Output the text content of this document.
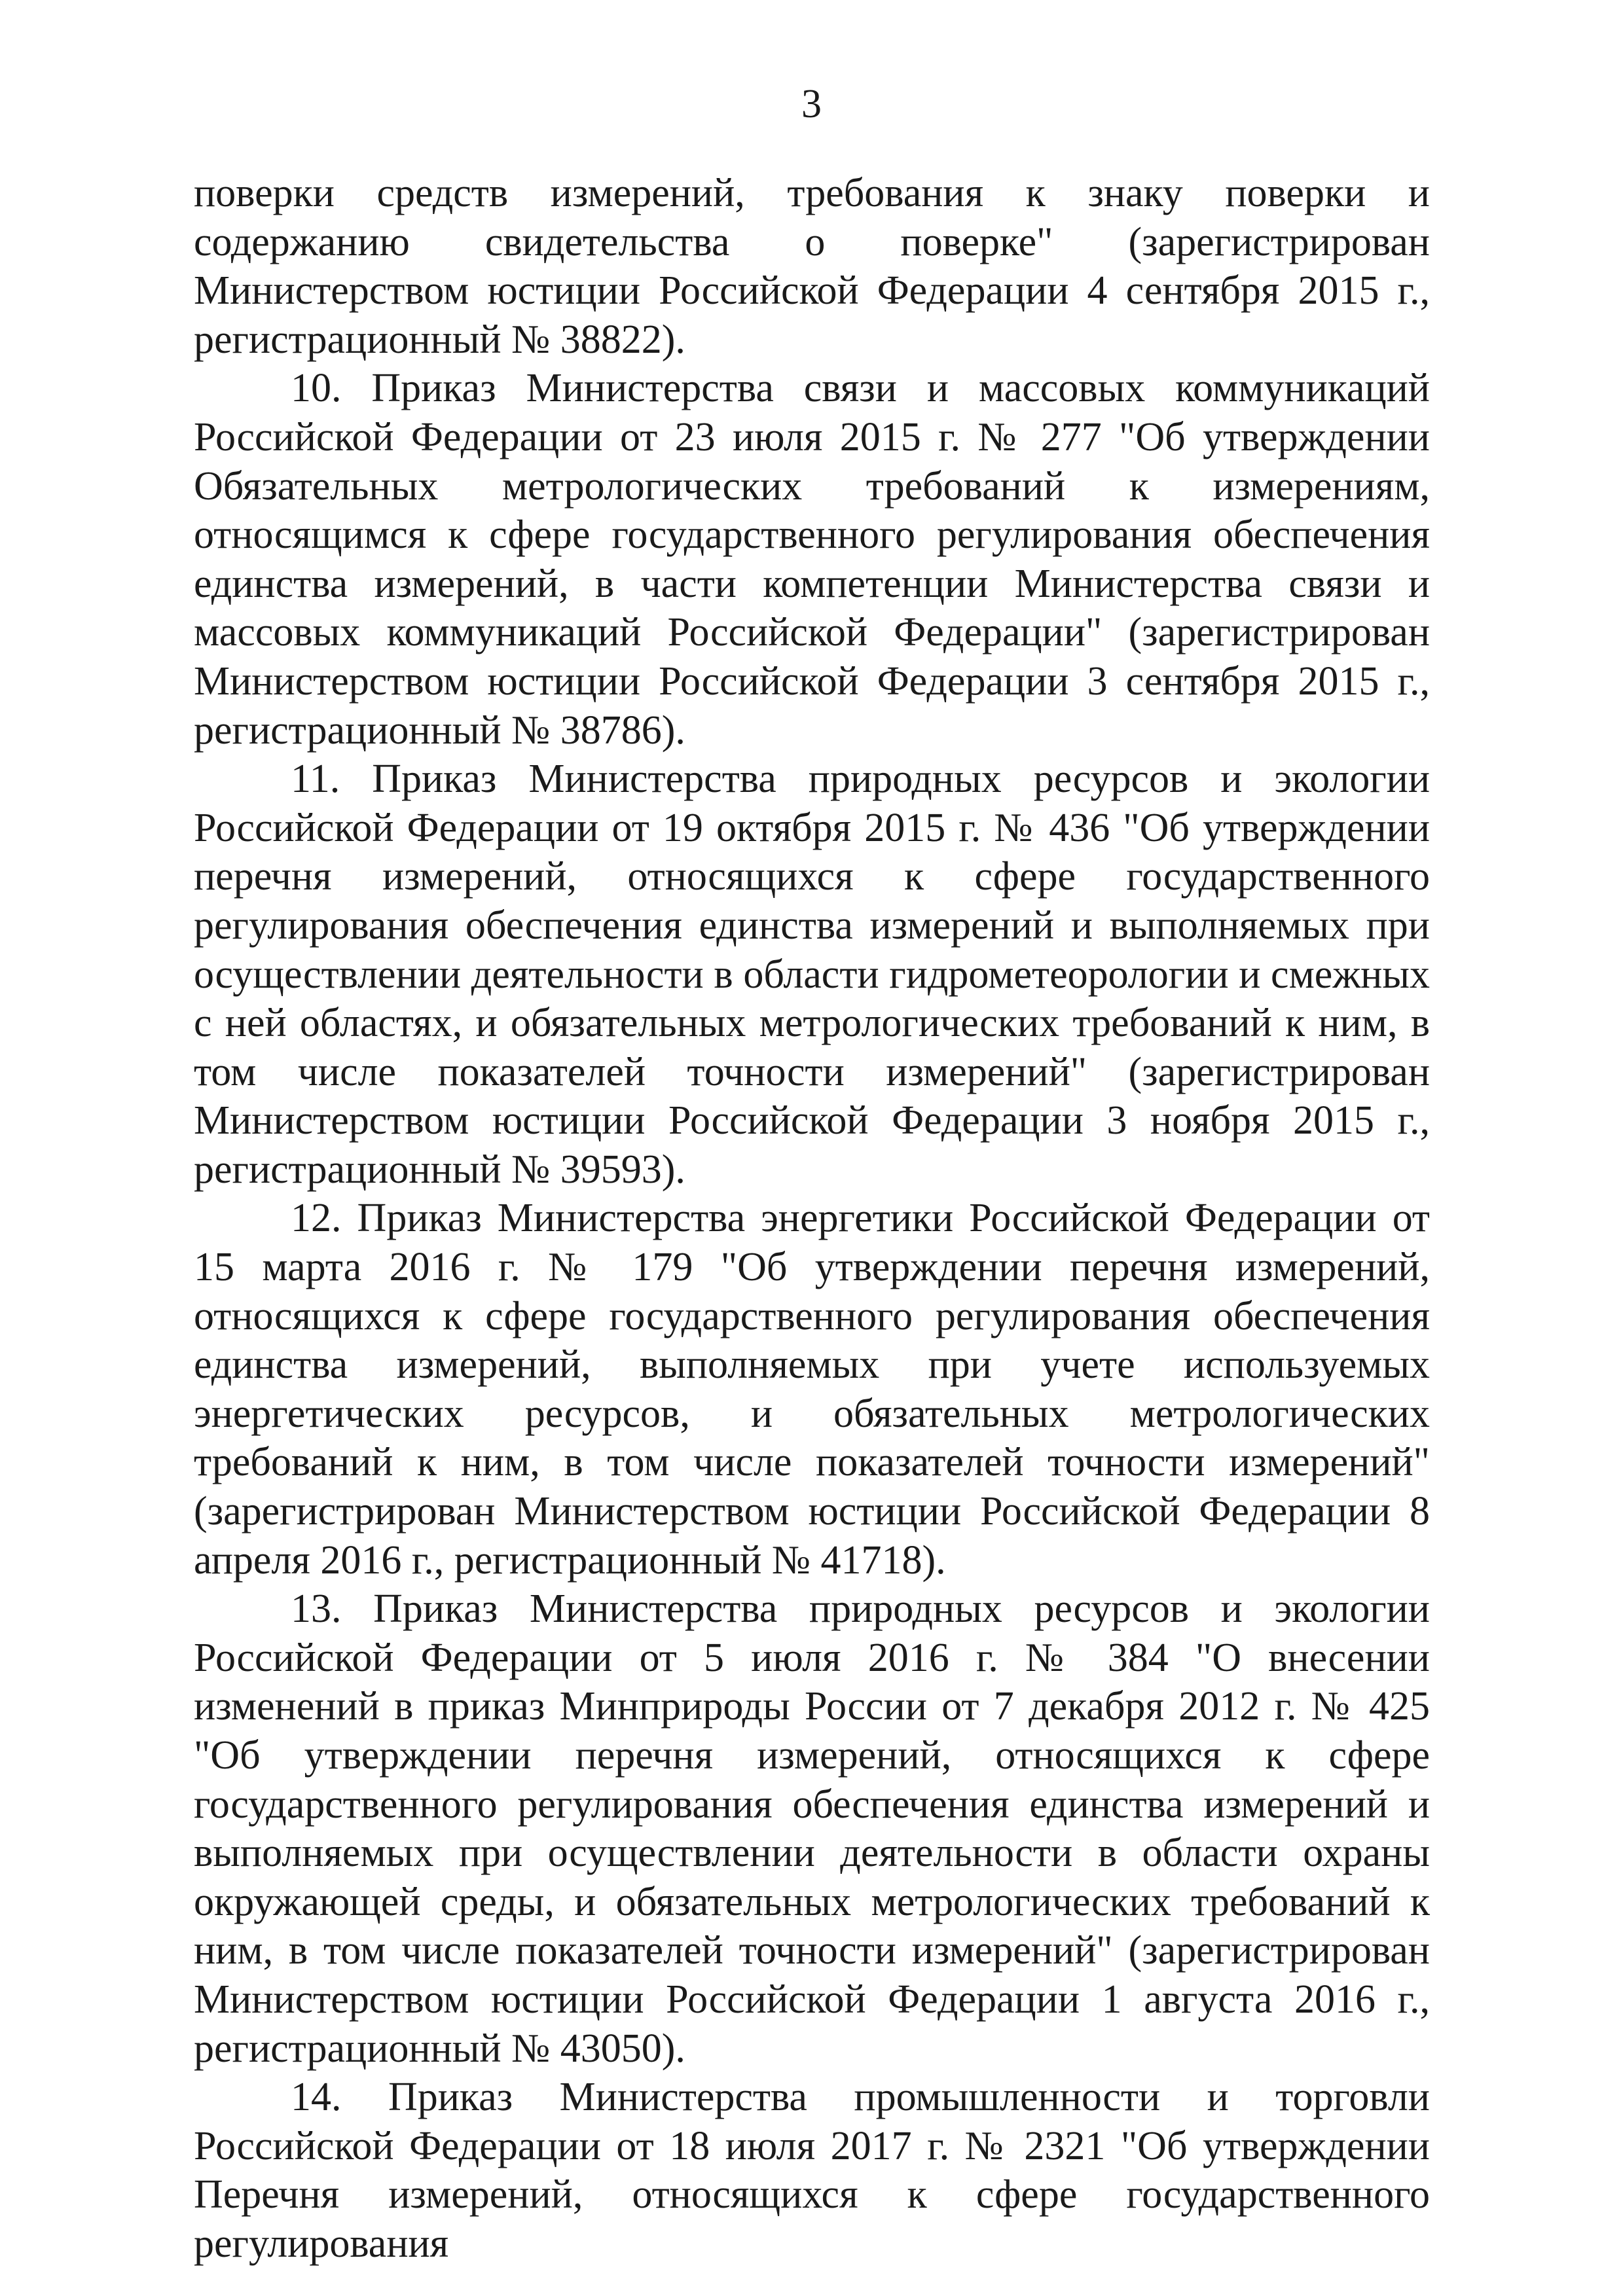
3

поверки средств измерений, требования к знаку поверки и содержанию свидетельства о поверке" (зарегистрирован Министерством юстиции Российской Федерации 4 сентября 2015 г., регистрационный № 38822).

10. Приказ Министерства связи и массовых коммуникаций Российской Федерации от 23 июля 2015 г. № 277 "Об утверждении Обязательных метрологических требований к измерениям, относящимся к сфере государственного регулирования обеспечения единства измерений, в части компетенции Министерства связи и массовых коммуникаций Российской Федерации" (зарегистрирован Министерством юстиции Российской Федерации 3 сентября 2015 г., регистрационный № 38786).

11. Приказ Министерства природных ресурсов и экологии Российской Федерации от 19 октября 2015 г. № 436 "Об утверждении перечня измерений, относящихся к сфере государственного регулирования обеспечения единства измерений и выполняемых при осуществлении деятельности в области гидрометеорологии и смежных с ней областях, и обязательных метрологических требований к ним, в том числе показателей точности измерений" (зарегистрирован Министерством юстиции Российской Федерации 3 ноября 2015 г., регистрационный № 39593).

12. Приказ Министерства энергетики Российской Федерации от 15 марта 2016 г. № 179 "Об утверждении перечня измерений, относящихся к сфере государственного регулирования обеспечения единства измерений, выполняемых при учете используемых энергетических ресурсов, и обязательных метрологических требований к ним, в том числе показателей точности измерений" (зарегистрирован Министерством юстиции Российской Федерации 8 апреля 2016 г., регистрационный № 41718).

13. Приказ Министерства природных ресурсов и экологии Российской Федерации от 5 июля 2016 г. № 384 "О внесении изменений в приказ Минприроды России от 7 декабря 2012 г. № 425 "Об утверждении перечня измерений, относящихся к сфере государственного регулирования обеспечения единства измерений и выполняемых при осуществлении деятельности в области охраны окружающей среды, и обязательных метрологических требований к ним, в том числе показателей точности измерений" (зарегистрирован Министерством юстиции Российской Федерации 1 августа 2016 г., регистрационный № 43050).

14. Приказ Министерства промышленности и торговли Российской Федерации от 18 июля 2017 г. № 2321 "Об утверждении Перечня измерений, относящихся к сфере государственного регулирования
